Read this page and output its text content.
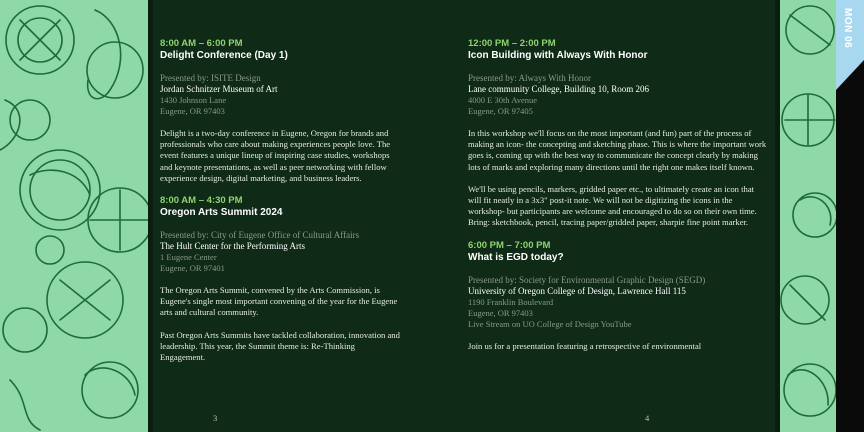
8:00 AM – 6:00 PM
Delight Conference (Day 1)
Presented by: ISITE Design
Jordan Schnitzer Museum of Art
1430 Johnson Lane
Eugene, OR 97403
Delight is a two-day conference in Eugene, Oregon for brands and professionals who care about making experiences people love. The event features a unique lineup of inspiring case studies, workshops and keynote presentations, as well as peer networking with fellow experience design, digital marketing, and business leaders.
8:00 AM – 4:30 PM
Oregon Arts Summit 2024
Presented by: City of Eugene Office of Cultural Affairs
The Hult Center for the Performing Arts
1 Eugene Center
Eugene, OR 97401
The Oregon Arts Summit, convened by the Arts Commission, is Eugene's single most important convening of the year for the Eugene arts and cultural community.
Past Oregon Arts Summits have tackled collaboration, innovation and leadership. This year, the Summit theme is: Re-Thinking Engagement.
3
12:00 PM – 2:00 PM
Icon Building with Always With Honor
Presented by: Always With Honor
Lane community College, Building 10, Room 206
4000 E 30th Avenue
Eugene, OR 97405
In this workshop we'll focus on the most important (and fun) part of the process of making an icon- the concepting and sketching phase. This is where the important work goes is, coming up with the best way to communicate the concept clearly by making lots of marks and exploring many directions until the right one makes itself known.
We'll be using pencils, markers, gridded paper etc., to ultimately create an icon that will fit neatly in a 3x3" post-it note. We will not be digitizing the icons in the workshop- but participants are welcome and encouraged to do so on their own time. Bring: sketchbook, pencil, tracing paper/gridded paper, sharpie fine point marker.
6:00 PM – 7:00 PM
What is EGD today?
Presented by: Society for Environmental Graphic Design (SEGD)
University of Oregon College of Design, Lawrence Hall 115
1190 Franklin Boulevard
Eugene, OR 97403
Live Stream on UO College of Design YouTube
Join us for a presentation featuring a retrospective of environmental
4
MON 06
